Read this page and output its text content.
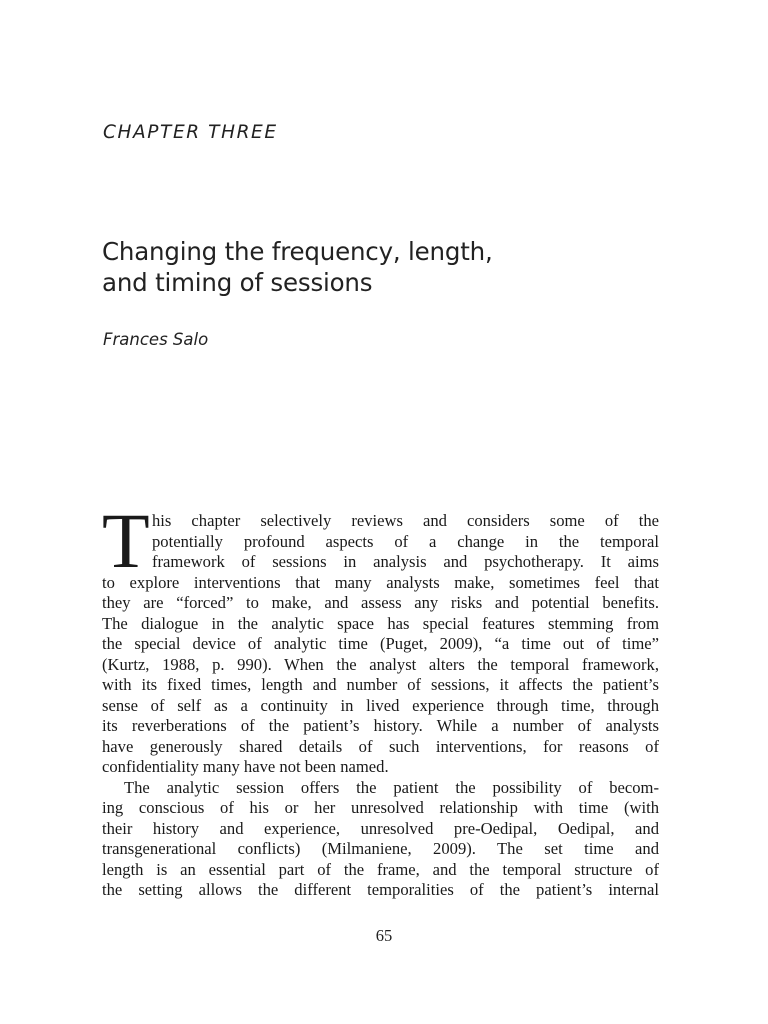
CHAPTER THREE
Changing the frequency, length,
and timing of sessions
Frances Salo
T his chapter selectively reviews and considers some of the
potentially profound aspects of a change in the temporal
framework of sessions in analysis and psychotherapy. It aims
to explore interventions that many analysts make, sometimes feel that
they are “forced” to make, and assess any risks and potential benefits.
The dialogue in the analytic space has special features stemming from
the special device of analytic time (Puget, 2009), “a time out of time”
(Kurtz, 1988, p. 990). When the analyst alters the temporal framework,
with its fixed times, length and number of sessions, it affects the patient’s
sense of self as a continuity in lived experience through time, through
its reverberations of the patient’s history. While a number of analysts
have generously shared details of such interventions, for reasons of
confidentiality many have not been named.
The analytic session offers the patient the possibility of becom-
ing conscious of his or her unresolved relationship with time (with
their history and experience, unresolved pre-Oedipal, Oedipal, and
transgenerational conflicts) (Milmaniene, 2009). The set time and
length is an essential part of the frame, and the temporal structure of
the setting allows the different temporalities of the patient’s internal
65
